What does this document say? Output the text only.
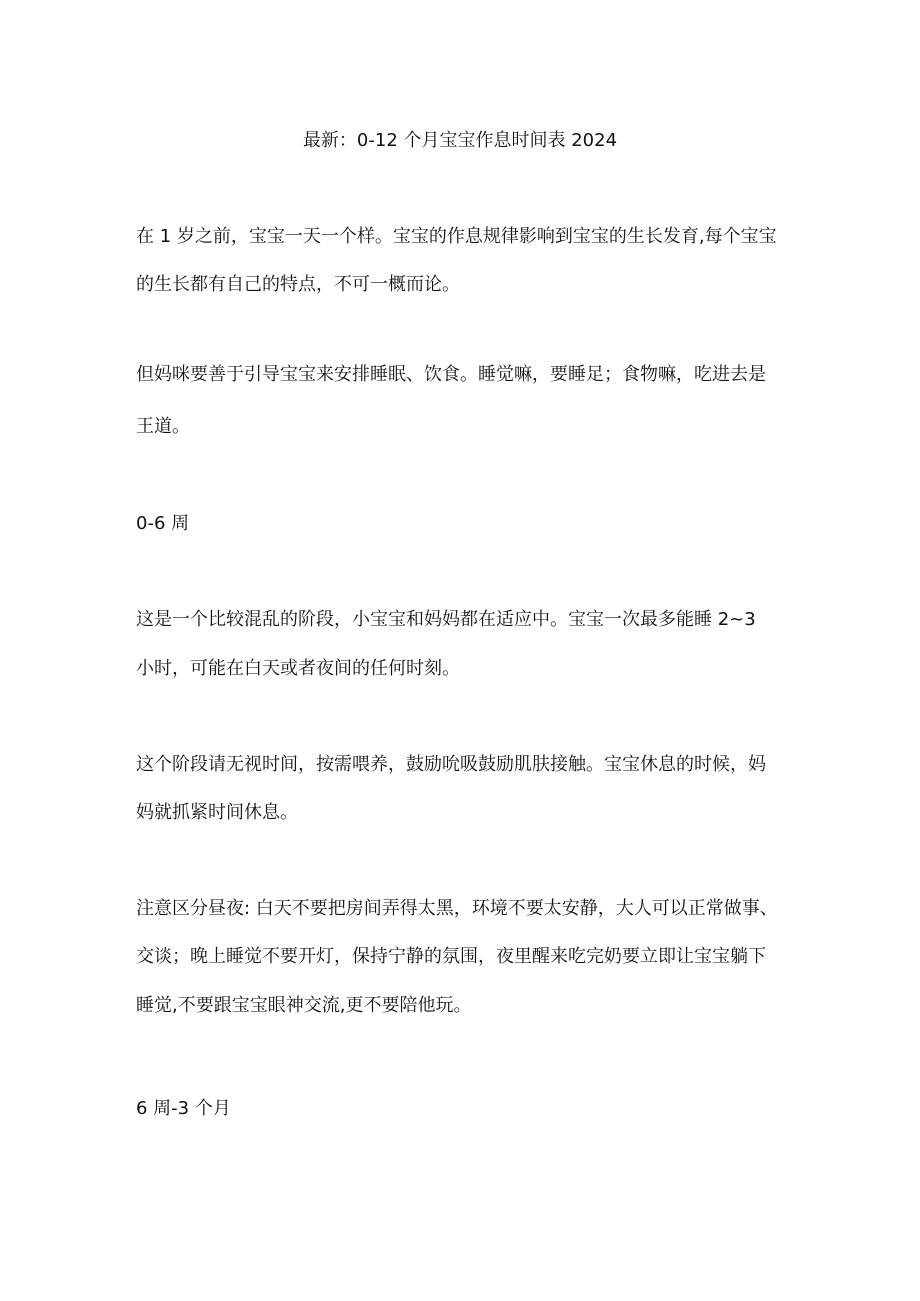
最新：0-12 个月宝宝作息时间表 2024
在 1 岁之前，宝宝一天一个样。宝宝的作息规律影响到宝宝的生长发育,每个宝宝
的生长都有自己的特点，不可一概而论。
但妈咪要善于引导宝宝来安排睡眠、饮食。睡觉嘛，要睡足；食物嘛，吃进去是
王道。
0-6 周
这是一个比较混乱的阶段，小宝宝和妈妈都在适应中。宝宝一次最多能睡 2~3
小时，可能在白天或者夜间的任何时刻。
这个阶段请无视时间，按需喂养，鼓励吮吸鼓励肌肤接触。宝宝休息的时候，妈
妈就抓紧时间休息。
注意区分昼夜: 白天不要把房间弄得太黑，环境不要太安静，大人可以正常做事、
交谈；晚上睡觉不要开灯，保持宁静的氛围，夜里醒来吃完奶要立即让宝宝躺下
睡觉,不要跟宝宝眼神交流,更不要陪他玩。
6 周-3 个月
